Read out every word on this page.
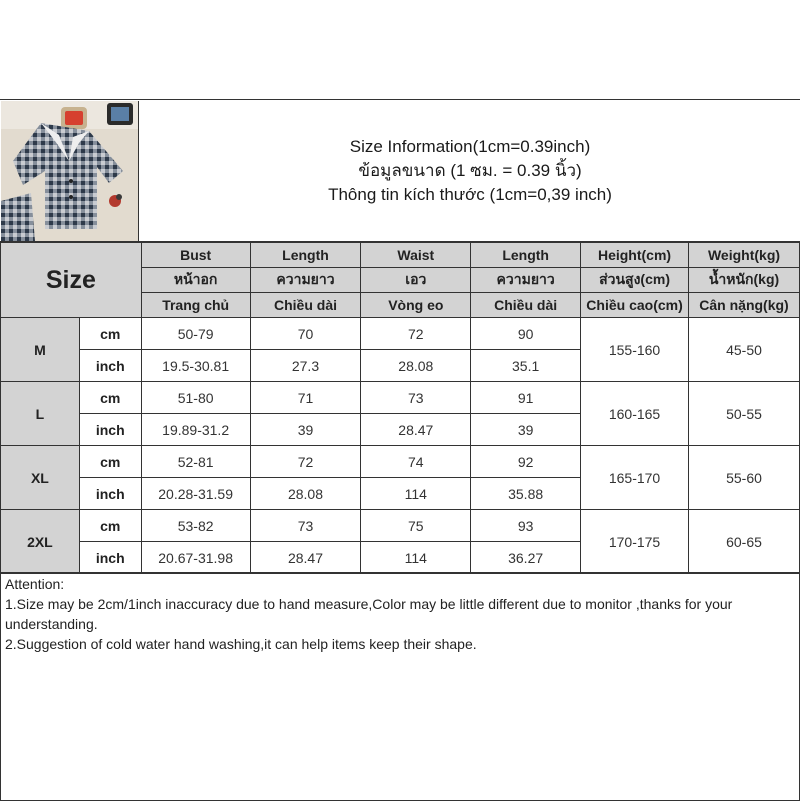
Size Information(1cm=0.39inch)
ข้อมูลขนาด (1 ซม. = 0.39 นิ้ว)
Thông tin kích thước (1cm=0,39 inch)
Size		Bust	Length	Waist	Length	Height(cm)	Weight(kg)
		หน้าอก	ความยาว	เอว	ความยาว	ส่วนสูง(cm)	น้ำหนัก(kg)
		Trang chủ	Chiều dài	Vòng eo	Chiều dài	Chiều cao(cm)	Cân nặng(kg)
M	cm	50-79	70	72	90	155-160	45-50
	inch	19.5-30.81	27.3	28.08	35.1		
L	cm	51-80	71	73	91	160-165	50-55
	inch	19.89-31.2	39	28.47	39		
XL	cm	52-81	72	74	92	165-170	55-60
	inch	20.28-31.59	28.08	114	35.88		
2XL	cm	53-82	73	75	93	170-175	60-65
	inch	20.67-31.98	28.47	114	36.27		
Attention:
1.Size may be 2cm/1inch inaccuracy due to hand measure,Color may be little different due to monitor ,thanks for your understanding.
2.Suggestion of cold water hand washing,it can help items keep their shape.
